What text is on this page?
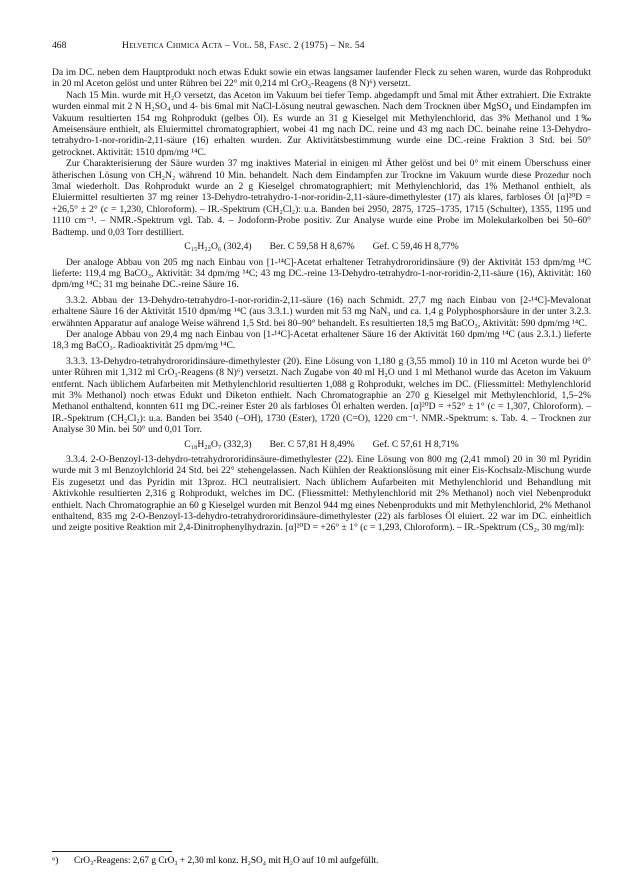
468	Helvetica Chimica Acta – Vol. 58, Fasc. 2 (1975) – Nr. 54

Da im DC. neben dem Hauptprodukt noch etwas Edukt sowie ein etwas langsamer laufender Fleck zu sehen waren, wurde das Rohprodukt in 20 ml Aceton gelöst und unter Rühren bei 22° mit 0,214 ml CrO₃-Reagens (8 N)⁶) versetzt.

Nach 15 Min. wurde mit H₂O versetzt, das Aceton im Vakuum bei tiefer Temp. abgedampft und 5mal mit Äther extrahiert. Die Extrakte wurden einmal mit 2 N H₂SO₄ und 4- bis 6mal mit NaCl-Lösung neutral gewaschen. Nach dem Trocknen über MgSO₄ und Eindampfen im Vakuum resultierten 154 mg Rohprodukt (gelbes Öl). Es wurde an 31 g Kieselgel mit Methylenchlorid, das 3% Methanol und 1‰ Ameisensäure enthielt, als Eluiermittel chromatographiert, wobei 41 mg nach DC. reine und 43 mg nach DC. beinahe reine 13-Dehydro-tetrahydro-1-nor-roridin-2,11-säure (16) erhalten wurden. Zur Aktivitätsbestimmung wurde eine DC.-reine Fraktion 3 Std. bei 50° getrocknet. Aktivität: 1510 dpm/mg ¹⁴C.

Zur Charakterisierung der Säure wurden 37 mg inaktives Material in einigen ml Äther gelöst und bei 0° mit einem Überschuss einer ätherischen Lösung von CH₂N₂ während 10 Min. behandelt. Nach dem Eindampfen zur Trockne im Vakuum wurde diese Prozedur noch 3mal wiederholt. Das Rohprodukt wurde an 2 g Kieselgel chromatographiert; mit Methylenchlorid, das 1% Methanol enthielt, als Eluiermittel resultierten 37 mg reiner 13-Dehydro-tetrahydro-1-nor-roridin-2,11-säure-dimethylester (17) als klares, farbloses Öl [α]²⁰D = +26,5° ± 2° (c = 1,230, Chloroform). – IR.-Spektrum (CH₂Cl₂): u.a. Banden bei 2950, 2875, 1725–1735, 1715 (Schulter), 1355, 1195 und 1110 cm⁻¹. – NMR.-Spektrum vgl. Tab. 4. – Jodoform-Probe positiv. Zur Analyse wurde eine Probe im Molekularkolben bei 50–60° Badtemp. und 0,03 Torr destilliert.

C₁₅H₂₂O₆ (302,4) Ber. C 59,58 H 8,67% Gef. C 59,46 H 8,77%

Der analoge Abbau von 205 mg nach Einbau von [1-¹⁴C]-Acetat erhaltener Tetrahydrororidinsäure (9) der Aktivität 153 dpm/mg ¹⁴C lieferte: 119,4 mg BaCO₃, Aktivität: 34 dpm/mg ¹⁴C; 43 mg DC.-reine 13-Dehydro-tetrahydro-1-nor-roridin-2,11-säure (16), Aktivität: 160 dpm/mg ¹⁴C; 31 mg beinahe DC.-reine Säure 16.

3.3.2. Abbau der 13-Dehydro-tetrahydro-1-nor-roridin-2,11-säure (16) nach Schmidt. 27,7 mg nach Einbau von [2-¹⁴C]-Mevalonat erhaltene Säure 16 der Aktivität 1510 dpm/mg ¹⁴C (aus 3.3.1.) wurden mit 53 mg NaN₃ und ca. 1,4 g Polyphosphorsäure in der unter 3.2.3. erwähnten Apparatur auf analoge Weise während 1,5 Std. bei 80–90° behandelt. Es resultierten 18,5 mg BaCO₃, Aktivität: 590 dpm/mg ¹⁴C.

Der analoge Abbau von 29,4 mg nach Einbau von [1-¹⁴C]-Acetat erhaltener Säure 16 der Aktivität 160 dpm/mg ¹⁴C (aus 2.3.1.) lieferte 18,3 mg BaCO₃. Radioaktivität 25 dpm/mg ¹⁴C.

3.3.3. 13-Dehydro-tetrahydrororidinsäure-dimethylester (20). Eine Lösung von 1,180 g (3,55 mmol) 10 in 110 ml Aceton wurde bei 0° unter Rühren mit 1,312 ml CrO₃-Reagens (8 N)⁶) versetzt. Nach Zugabe von 40 ml H₂O und 1 ml Methanol wurde das Aceton im Vakuum entfernt. Nach üblichem Aufarbeiten mit Methylenchlorid resultierten 1,088 g Rohprodukt, welches im DC. (Fliessmittel: Methylenchlorid mit 3% Methanol) noch etwas Edukt und Diketon enthielt. Nach Chromatographie an 270 g Kieselgel mit Methylenchlorid, 1,5–2% Methanol enthaltend, konnten 611 mg DC.-reiner Ester 20 als farbloses Öl erhalten werden. [α]²⁰D = +52° ± 1° (c = 1,307, Chloroform). – IR.-Spektrum (CH₂Cl₂): u.a. Banden bei 3540 (–OH), 1730 (Ester), 1720 (C=O), 1220 cm⁻¹. NMR.-Spektrum: s. Tab. 4. – Trocknen zur Analyse 30 Min. bei 50° und 0,01 Torr.

C₁₈H₂₈O₇ (332,3) Ber. C 57,81 H 8,49% Gef. C 57,61 H 8,71%

3.3.4. 2-O-Benzoyl-13-dehydro-tetrahydrororidinsäure-dimethylester (22). Eine Lösung von 800 mg (2,41 mmol) 20 in 30 ml Pyridin wurde mit 3 ml Benzoylchlorid 24 Std. bei 22° stehengelassen. Nach Kühlen der Reaktionslösung mit einer Eis-Kochsalz-Mischung wurde Eis zugesetzt und das Pyridin mit 13proz. HCl neutralisiert. Nach üblichem Aufarbeiten mit Methylenchlorid und Behandlung mit Aktivkohle resultierten 2,316 g Rohprodukt, welches im DC. (Fliessmittel: Methylenchlorid mit 2% Methanol) noch viel Nebenprodukt enthielt. Nach Chromatographie an 60 g Kieselgel wurden mit Benzol 944 mg eines Nebenprodukts und mit Methylenchlorid, 2% Methanol enthaltend, 835 mg 2-O-Benzoyl-13-dehydro-tetrahydrororidinsäure-dimethylester (22) als farbloses Öl eluiert. 22 war im DC. einheitlich und zeigte positive Reaktion mit 2,4-Dinitrophenylhydrazin. [α]²⁰D = +26° ± 1° (c = 1,293, Chloroform). – IR.-Spektrum (CS₂, 30 mg/ml):

⁶) CrO₃-Reagens: 2,67 g CrO₃ + 2,30 ml konz. H₂SO₄ mit H₂O auf 10 ml aufgefüllt.
